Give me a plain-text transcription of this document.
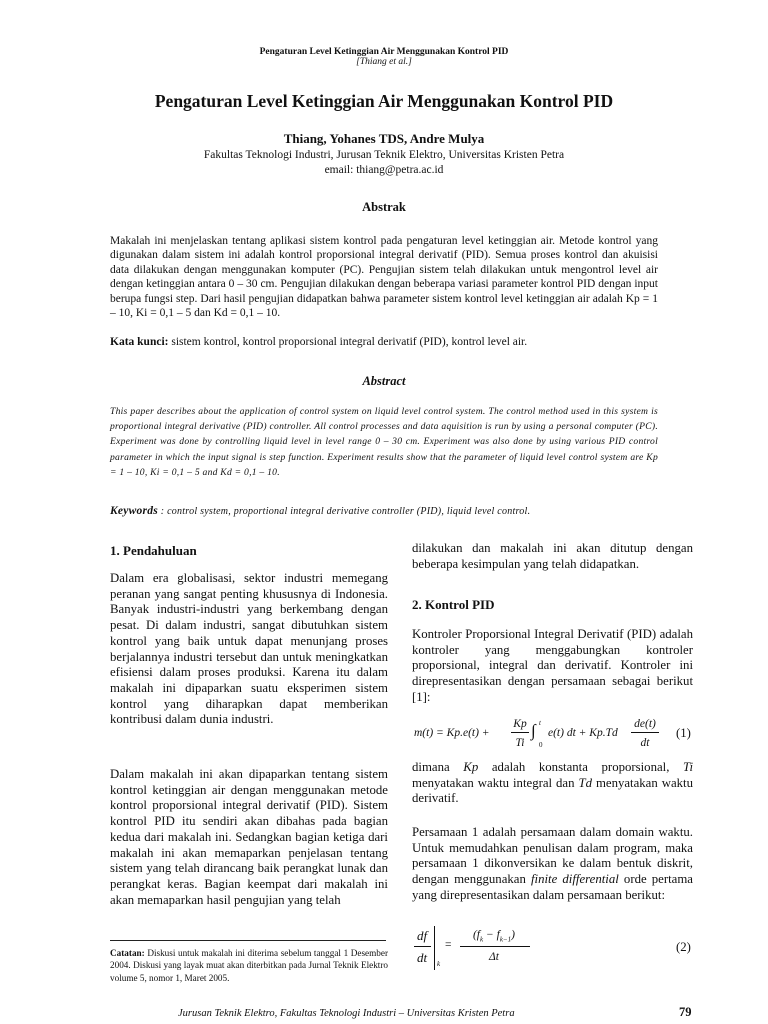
Pengaturan Level Ketinggian Air Menggunakan Kontrol PID
[Thiang et al.]
Pengaturan Level Ketinggian Air Menggunakan Kontrol PID
Thiang, Yohanes TDS, Andre Mulya
Fakultas Teknologi Industri, Jurusan Teknik Elektro, Universitas Kristen Petra
email: thiang@petra.ac.id
Abstrak
Makalah ini menjelaskan tentang aplikasi sistem kontrol pada pengaturan level ketinggian air. Metode kontrol yang digunakan dalam sistem ini adalah kontrol proporsional integral derivatif (PID). Semua proses kontrol dan akuisisi data dilakukan dengan menggunakan komputer (PC). Pengujian sistem telah dilakukan untuk mengontrol level air dengan ketinggian antara 0 – 30 cm. Pengujian dilakukan dengan beberapa variasi parameter kontrol PID dengan input berupa fungsi step. Dari hasil pengujian didapatkan bahwa parameter sistem kontrol level ketinggian air adalah Kp = 1 – 10, Ki = 0,1 – 5 dan Kd = 0,1 – 10.
Kata kunci: sistem kontrol, kontrol proporsional integral derivatif (PID), kontrol level air.
Abstract
This paper describes about the application of control system on liquid level control system. The control method used in this system is proportional integral derivative (PID) controller. All control processes and data aquisition is run by using a personal computer (PC). Experiment was done by controlling liquid level in level range 0 – 30 cm. Experiment was also done by using various PID control parameter in which the input signal is step function. Experiment results show that the parameter of liquid level control system are Kp = 1 – 10, Ki = 0,1 – 5 and Kd = 0,1 – 10.
Keywords : control system, proportional integral derivative controller (PID), liquid level control.
1. Pendahuluan
Dalam era globalisasi, sektor industri memegang peranan yang sangat penting khususnya di Indonesia. Banyak industri-industri yang berkembang dengan pesat. Di dalam industri, sangat dibutuhkan sistem kontrol yang baik untuk dapat menunjang proses berjalannya industri tersebut dan untuk meningkatkan efisiensi dalam proses produksi. Karena itu dalam makalah ini dipaparkan suatu eksperimen sistem kontrol yang diharapkan dapat memberikan kontribusi dalam dunia industri.
Dalam makalah ini akan dipaparkan tentang sistem kontrol ketinggian air dengan menggunakan metode kontrol proporsional integral derivatif (PID). Sistem kontrol PID itu sendiri akan dibahas pada bagian kedua dari makalah ini. Sedangkan bagian ketiga dari makalah ini akan memaparkan penjelasan tentang sistem yang telah dirancang baik perangkat lunak dan perangkat keras. Bagian keempat dari makalah ini akan memaparkan hasil pengujian yang telah
Catatan: Diskusi untuk makalah ini diterima sebelum tanggal 1 Desember 2004. Diskusi yang layak muat akan diterbitkan pada Jurnal Teknik Elektro volume 5, nomor 1, Maret 2005.
dilakukan dan makalah ini akan ditutup dengan beberapa kesimpulan yang telah didapatkan.
2. Kontrol PID
Kontroler Proporsional Integral Derivatif (PID) adalah kontroler yang menggabungkan kontroler proporsional, integral dan derivatif. Kontroler ini direpresentasikan dengan persamaan sebagai berikut [1]:
m(t) = Kp.e(t) +
Kp
Ti
∫
0
t
e(t) dt + Kp.Td
de(t)
dt
(1)
dimana Kp adalah konstanta proporsional, Ti menyatakan waktu integral dan Td menyatakan waktu derivatif.
Persamaan 1 adalah persamaan dalam domain waktu. Untuk memudahkan penulisan dalam program, maka persamaan 1 dikonversikan ke dalam bentuk diskrit, dengan menggunakan finite differential orde pertama yang direpresentasikan dalam persamaan berikut:
df
dt	k
=
$(f_k - f_{k-1})$
Δt
(2)
Jurusan Teknik Elektro, Fakultas Teknologi Industri – Universitas Kristen Petra	79
